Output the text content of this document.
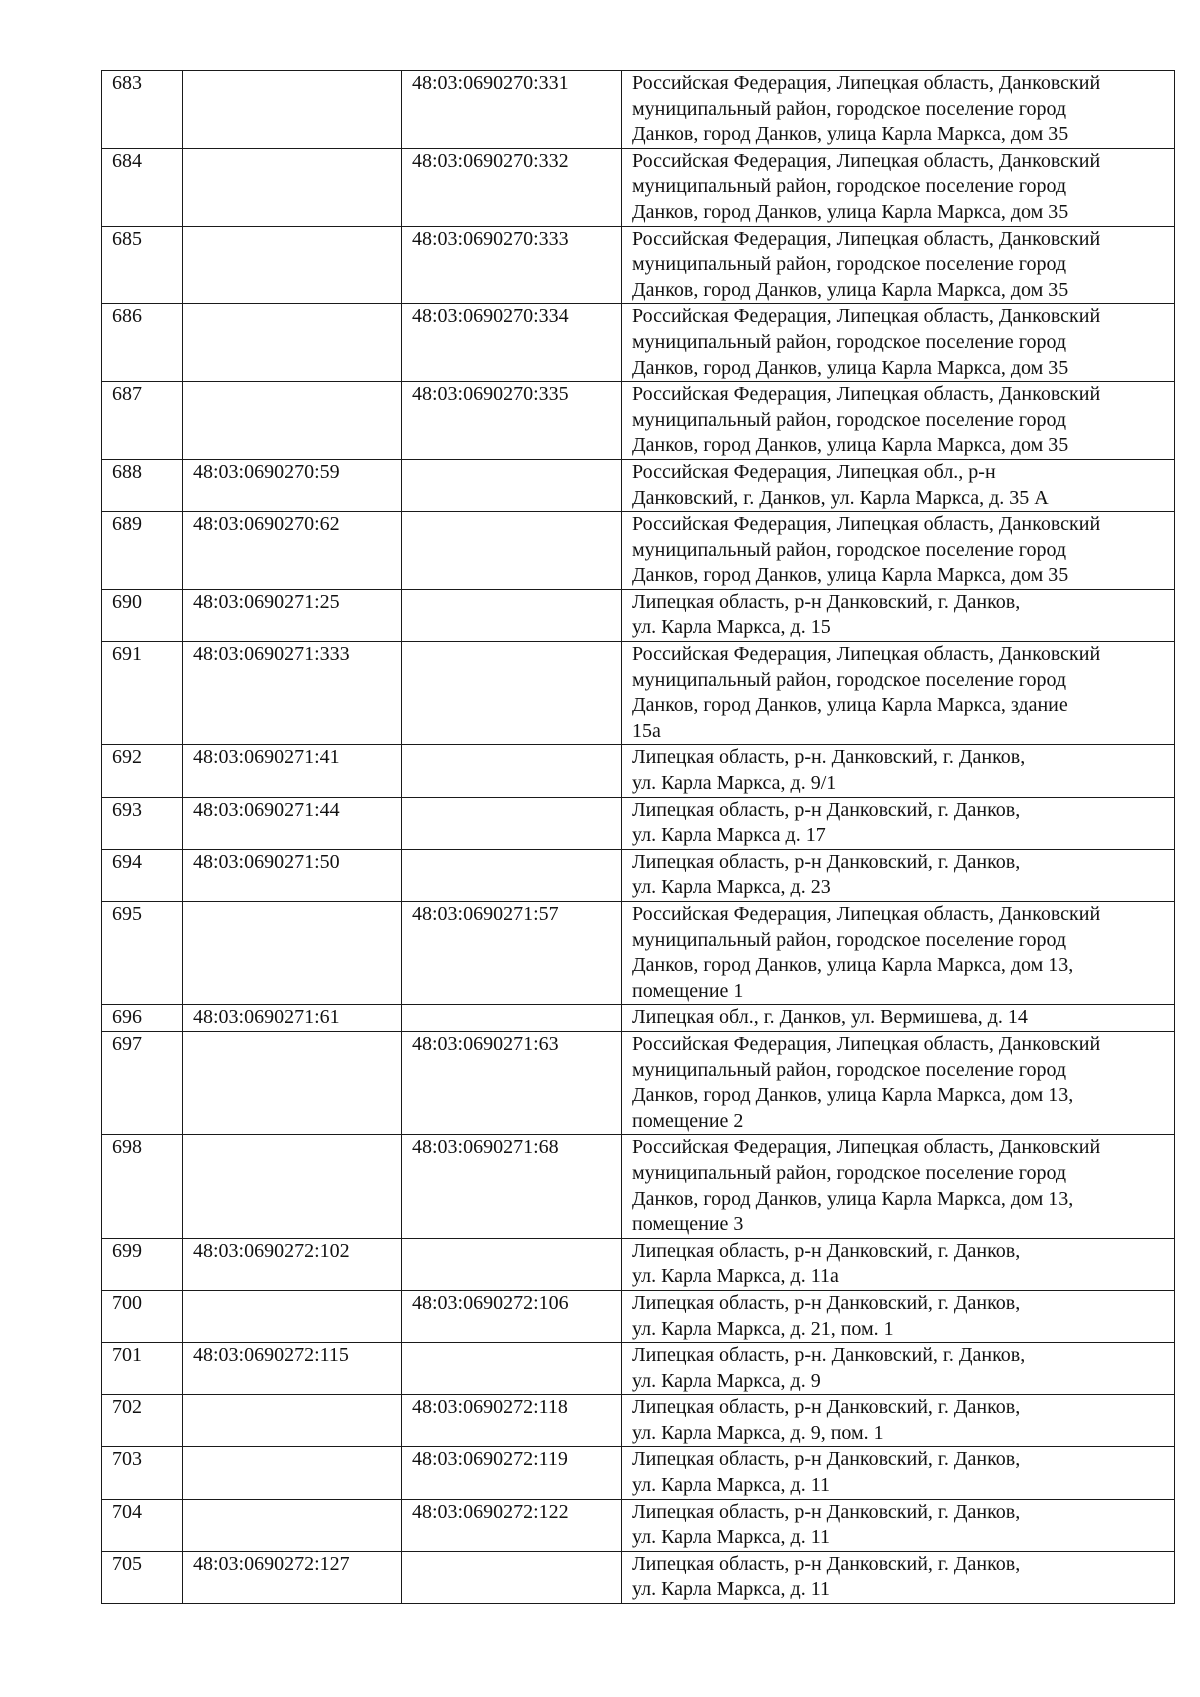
683		48:03:0690270:331	Российская Федерация, Липецкая область, Данковский
муниципальный район, городское поселение город
Данков, город Данков, улица Карла Маркса, дом 35
684		48:03:0690270:332	Российская Федерация, Липецкая область, Данковский
муниципальный район, городское поселение город
Данков, город Данков, улица Карла Маркса, дом 35
685		48:03:0690270:333	Российская Федерация, Липецкая область, Данковский
муниципальный район, городское поселение город
Данков, город Данков, улица Карла Маркса, дом 35
686		48:03:0690270:334	Российская Федерация, Липецкая область, Данковский
муниципальный район, городское поселение город
Данков, город Данков, улица Карла Маркса, дом 35
687		48:03:0690270:335	Российская Федерация, Липецкая область, Данковский
муниципальный район, городское поселение город
Данков, город Данков, улица Карла Маркса, дом 35
688	48:03:0690270:59		Российская Федерация, Липецкая обл., р-н
Данковский, г. Данков, ул. Карла Маркса, д. 35 А
689	48:03:0690270:62		Российская Федерация, Липецкая область, Данковский
муниципальный район, городское поселение город
Данков, город Данков, улица Карла Маркса, дом 35
690	48:03:0690271:25		Липецкая область, р-н Данковский, г. Данков,
ул. Карла Маркса, д. 15
691	48:03:0690271:333		Российская Федерация, Липецкая область, Данковский
муниципальный район, городское поселение город
Данков, город Данков, улица Карла Маркса, здание
15а
692	48:03:0690271:41		Липецкая область, р-н. Данковский, г. Данков,
ул. Карла Маркса, д. 9/1
693	48:03:0690271:44		Липецкая область, р-н Данковский, г. Данков,
ул. Карла Маркса д. 17
694	48:03:0690271:50		Липецкая область, р-н Данковский, г. Данков,
ул. Карла Маркса, д. 23
695		48:03:0690271:57	Российская Федерация, Липецкая область, Данковский
муниципальный район, городское поселение город
Данков, город Данков, улица Карла Маркса, дом 13,
помещение 1
696	48:03:0690271:61		Липецкая обл., г. Данков, ул. Вермишева, д. 14
697		48:03:0690271:63	Российская Федерация, Липецкая область, Данковский
муниципальный район, городское поселение город
Данков, город Данков, улица Карла Маркса, дом 13,
помещение 2
698		48:03:0690271:68	Российская Федерация, Липецкая область, Данковский
муниципальный район, городское поселение город
Данков, город Данков, улица Карла Маркса, дом 13,
помещение 3
699	48:03:0690272:102		Липецкая область, р-н Данковский, г. Данков,
ул. Карла Маркса, д. 11а
700		48:03:0690272:106	Липецкая область, р-н Данковский, г. Данков,
ул. Карла Маркса, д. 21, пом. 1
701	48:03:0690272:115		Липецкая область, р-н. Данковский, г. Данков,
ул. Карла Маркса, д. 9
702		48:03:0690272:118	Липецкая область, р-н Данковский, г. Данков,
ул. Карла Маркса, д. 9, пом. 1
703		48:03:0690272:119	Липецкая область, р-н Данковский, г. Данков,
ул. Карла Маркса, д. 11
704		48:03:0690272:122	Липецкая область, р-н Данковский, г. Данков,
ул. Карла Маркса, д. 11
705	48:03:0690272:127		Липецкая область, р-н Данковский, г. Данков,
ул. Карла Маркса, д. 11
